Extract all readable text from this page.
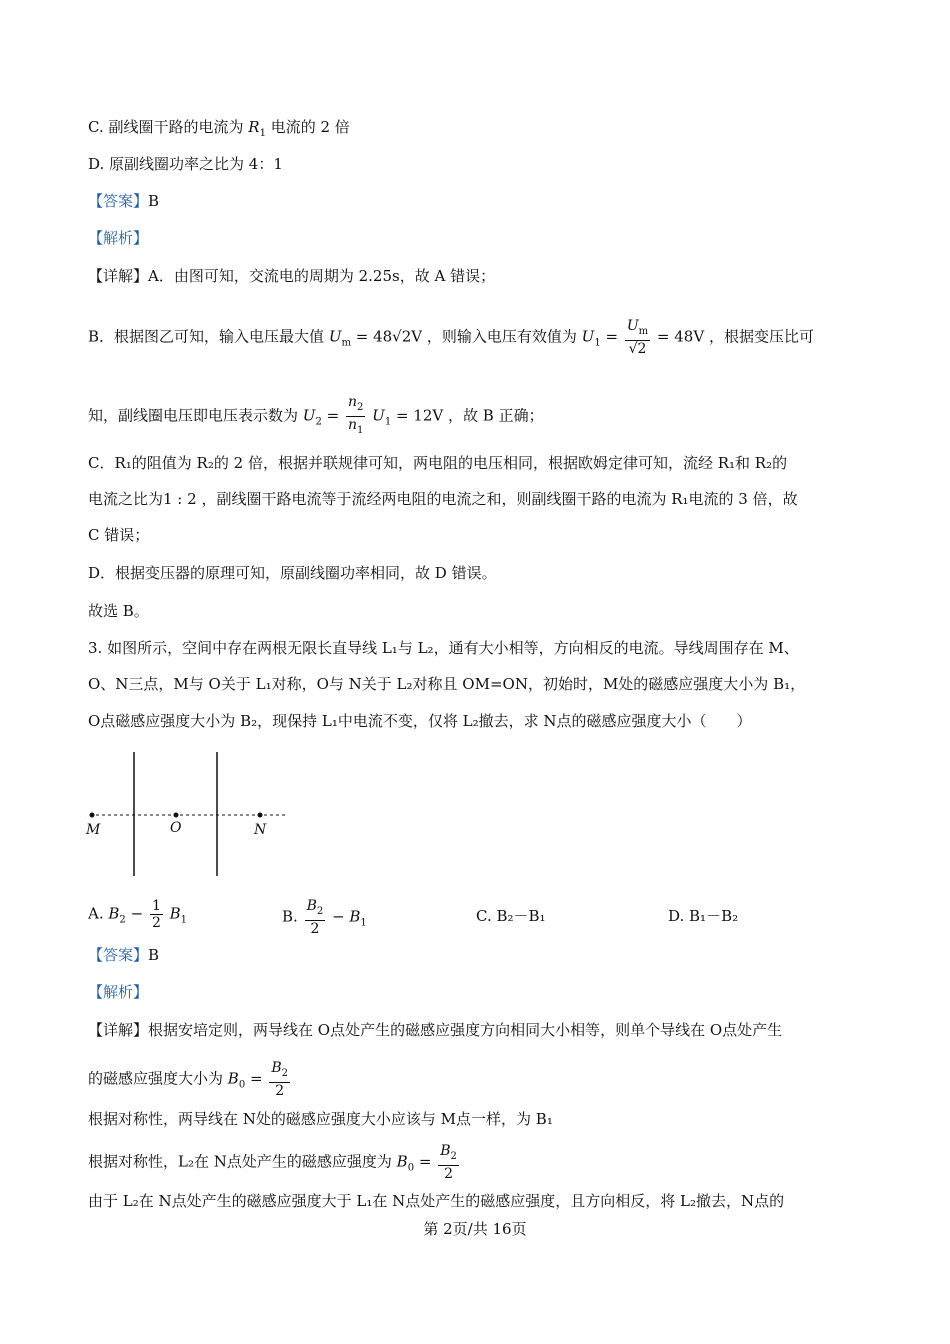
C. 副线圈干路的电流为 $R_1$ 电流的 2 倍
D. 原副线圈功率之比为 4：1
【答案】B
【解析】
【详解】A．由图可知，交流电的周期为 2.25s，故 A 错误；
B．根据图乙可知，输入电压最大值 $U_m = 48√2V$ ，则输入电压有效值为 $U_1 = \frac{U_m}{√2} = 48V$ ，根据变压比可
知，副线圈电压即电压表示数为 $U_2 = \frac{n_2}{n_1} U_1 = 12V$ ，故 B 正确；
C．R₁的阻值为 R₂的 2 倍，根据并联规律可知，两电阻的电压相同，根据欧姆定律可知，流经 R₁和 R₂的
电流之比为1 : 2 ，副线圈干路电流等于流经两电阻的电流之和，则副线圈干路的电流为 R₁电流的 3 倍，故
C 错误；
D．根据变压器的原理可知，原副线圈功率相同，故 D 错误。
故选 B。
3. 如图所示，空间中存在两根无限长直导线 L₁与 L₂，通有大小相等，方向相反的电流。导线周围存在 M、
O、N三点，M与 O关于 L₁对称，O与 N关于 L₂对称且 OM=ON，初始时，M处的磁感应强度大小为 B₁，
O点磁感应强度大小为 B₂，现保持 L₁中电流不变，仅将 L₂撤去，求 N点的磁感应强度大小（　　）
M	O	N
A. $B_2 - \frac{1}{2} B_1$	B. $\frac{B_2}{2} - B_1$	C. B₂－B₁	D. B₁－B₂
【答案】B
【解析】
【详解】根据安培定则，两导线在 O点处产生的磁感应强度方向相同大小相等，则单个导线在 O点处产生
的磁感应强度大小为 $B_0 = \frac{B_2}{2}$
根据对称性，两导线在 N处的磁感应强度大小应该与 M点一样，为 B₁
根据对称性，L₂在 N点处产生的磁感应强度为 $B_0 = \frac{B_2}{2}$
由于 L₂在 N点处产生的磁感应强度大于 L₁在 N点处产生的磁感应强度，且方向相反，将 L₂撤去，N点的
第 2页/共 16页
